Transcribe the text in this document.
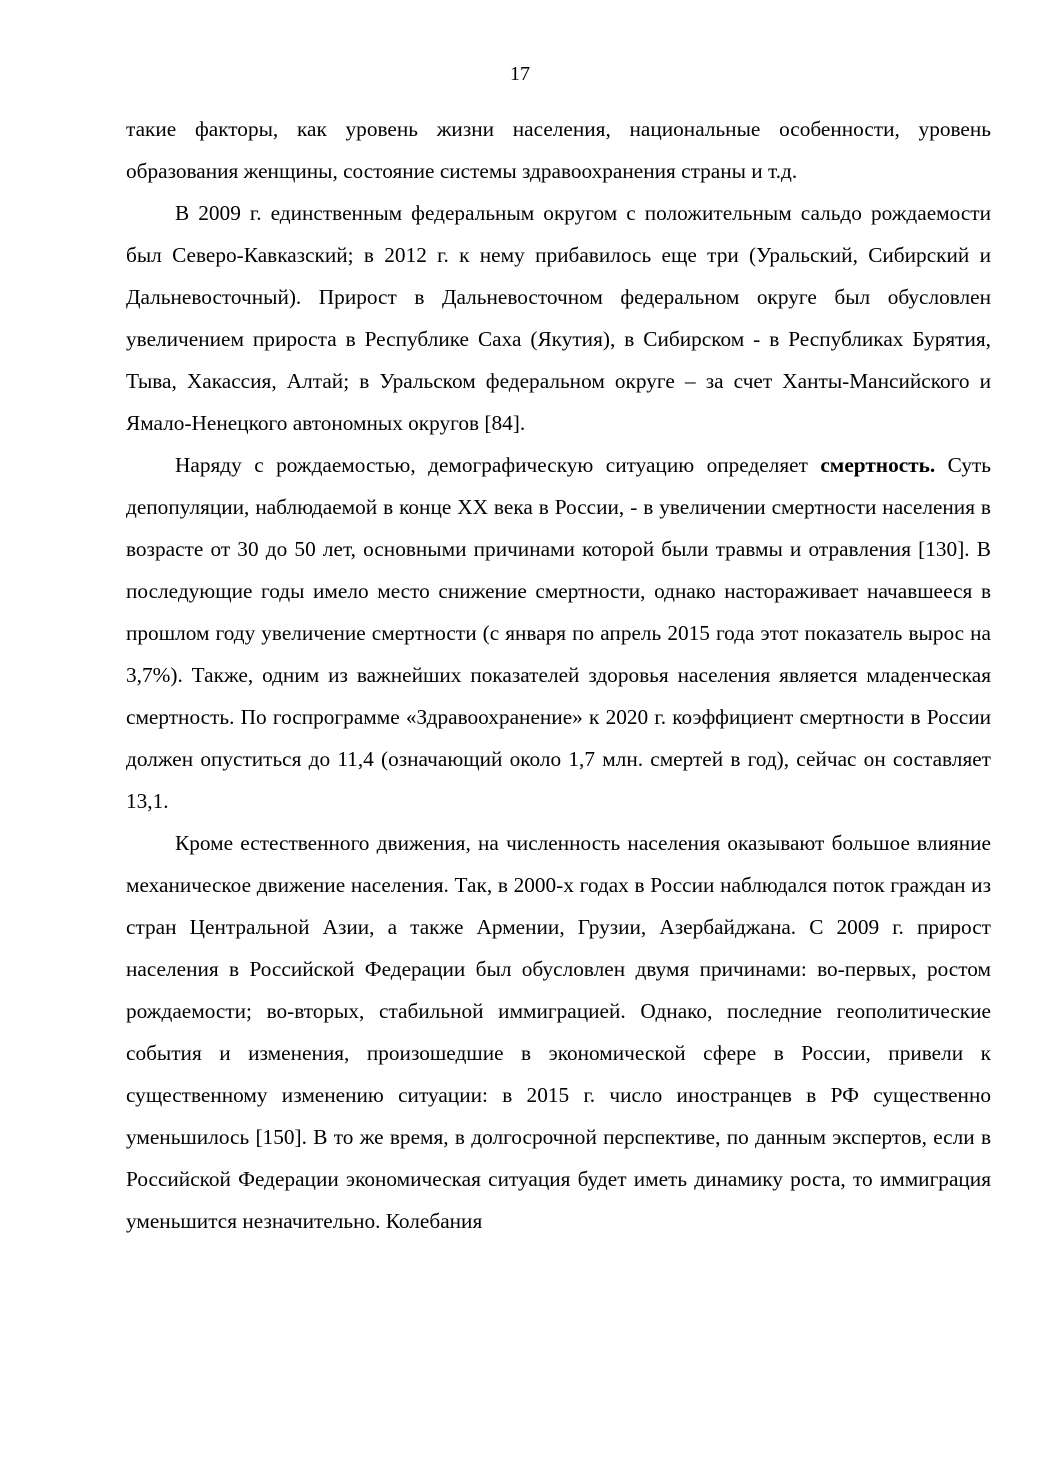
17

такие факторы, как уровень жизни населения, национальные особенности, уровень образования женщины, состояние системы здравоохранения страны и т.д.

В 2009 г. единственным федеральным округом с положительным сальдо рождаемости был Северо-Кавказский; в 2012 г. к нему прибавилось еще три (Уральский, Сибирский и Дальневосточный). Прирост в Дальневосточном федеральном округе был обусловлен увеличением прироста в Республике Саха (Якутия), в Сибирском - в Республиках Бурятия, Тыва, Хакассия, Алтай; в Уральском федеральном округе – за счет Ханты-Мансийского и Ямало-Ненецкого автономных округов [84].

Наряду с рождаемостью, демографическую ситуацию определяет смертность. Суть депопуляции, наблюдаемой в конце XX века в России, - в увеличении смертности населения в возрасте от 30 до 50 лет, основными причинами которой были травмы и отравления [130]. В последующие годы имело место снижение смертности, однако настораживает начавшееся в прошлом году увеличение смертности (с января по апрель 2015 года этот показатель вырос на 3,7%). Также, одним из важнейших показателей здоровья населения является младенческая смертность. По госпрограмме «Здравоохранение» к 2020 г. коэффициент смертности в России должен опуститься до 11,4 (означающий около 1,7 млн. смертей в год), сейчас он составляет 13,1.

Кроме естественного движения, на численность населения оказывают большое влияние механическое движение населения. Так, в 2000-х годах в России наблюдался поток граждан из стран Центральной Азии, а также Армении, Грузии, Азербайджана. С 2009 г. прирост населения в Российской Федерации был обусловлен двумя причинами: во-первых, ростом рождаемости; во-вторых, стабильной иммиграцией. Однако, последние геополитические события и изменения, произошедшие в экономической сфере в России, привели к существенному изменению ситуации: в 2015 г. число иностранцев в РФ существенно уменьшилось [150]. В то же время, в долгосрочной перспективе, по данным экспертов, если в Российской Федерации экономическая ситуация будет иметь динамику роста, то иммиграция уменьшится незначительно. Колебания
